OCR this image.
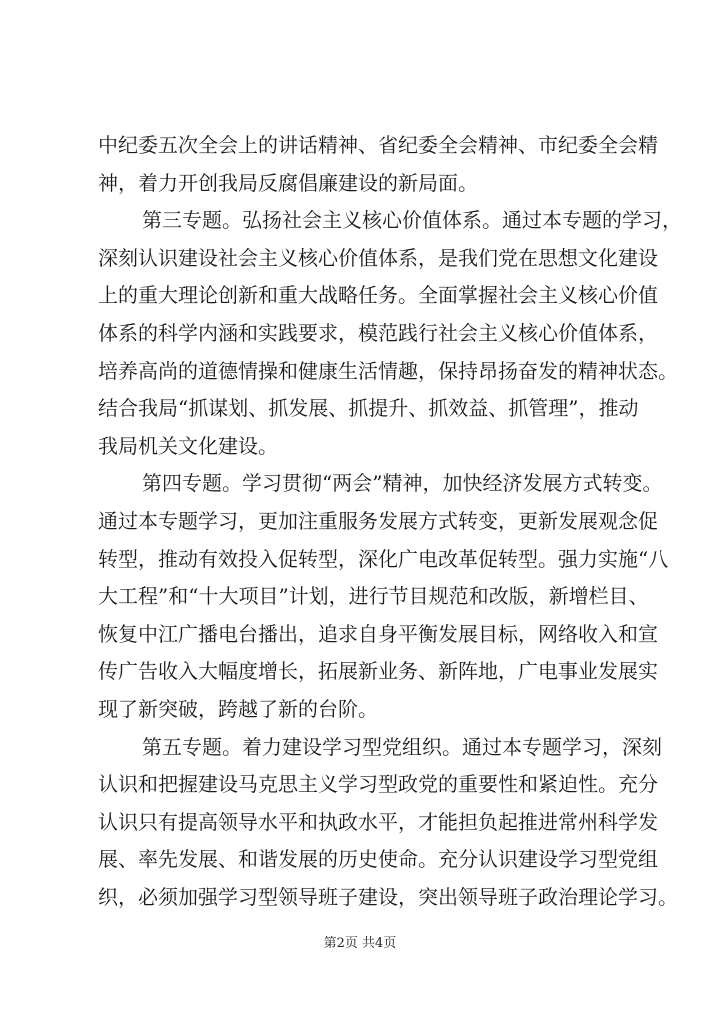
中纪委五次全会上的讲话精神、省纪委全会精神、市纪委全会精
神，着力开创我局反腐倡廉建设的新局面。
第三专题。弘扬社会主义核心价值体系。通过本专题的学习，
深刻认识建设社会主义核心价值体系，是我们党在思想文化建设
上的重大理论创新和重大战略任务。全面掌握社会主义核心价值
体系的科学内涵和实践要求，模范践行社会主义核心价值体系，
培养高尚的道德情操和健康生活情趣，保持昂扬奋发的精神状态。
结合我局“抓谋划、抓发展、抓提升、抓效益、抓管理”，推动
我局机关文化建设。
第四专题。学习贯彻“两会”精神，加快经济发展方式转变。
通过本专题学习，更加注重服务发展方式转变，更新发展观念促
转型，推动有效投入促转型，深化广电改革促转型。强力实施“八
大工程”和“十大项目”计划，进行节目规范和改版，新增栏目、
恢复中江广播电台播出，追求自身平衡发展目标，网络收入和宣
传广告收入大幅度增长，拓展新业务、新阵地，广电事业发展实
现了新突破，跨越了新的台阶。
第五专题。着力建设学习型党组织。通过本专题学习，深刻
认识和把握建设马克思主义学习型政党的重要性和紧迫性。充分
认识只有提高领导水平和执政水平，才能担负起推进常州科学发
展、率先发展、和谐发展的历史使命。充分认识建设学习型党组
织，必须加强学习型领导班子建设，突出领导班子政治理论学习。
第2页 共4页
